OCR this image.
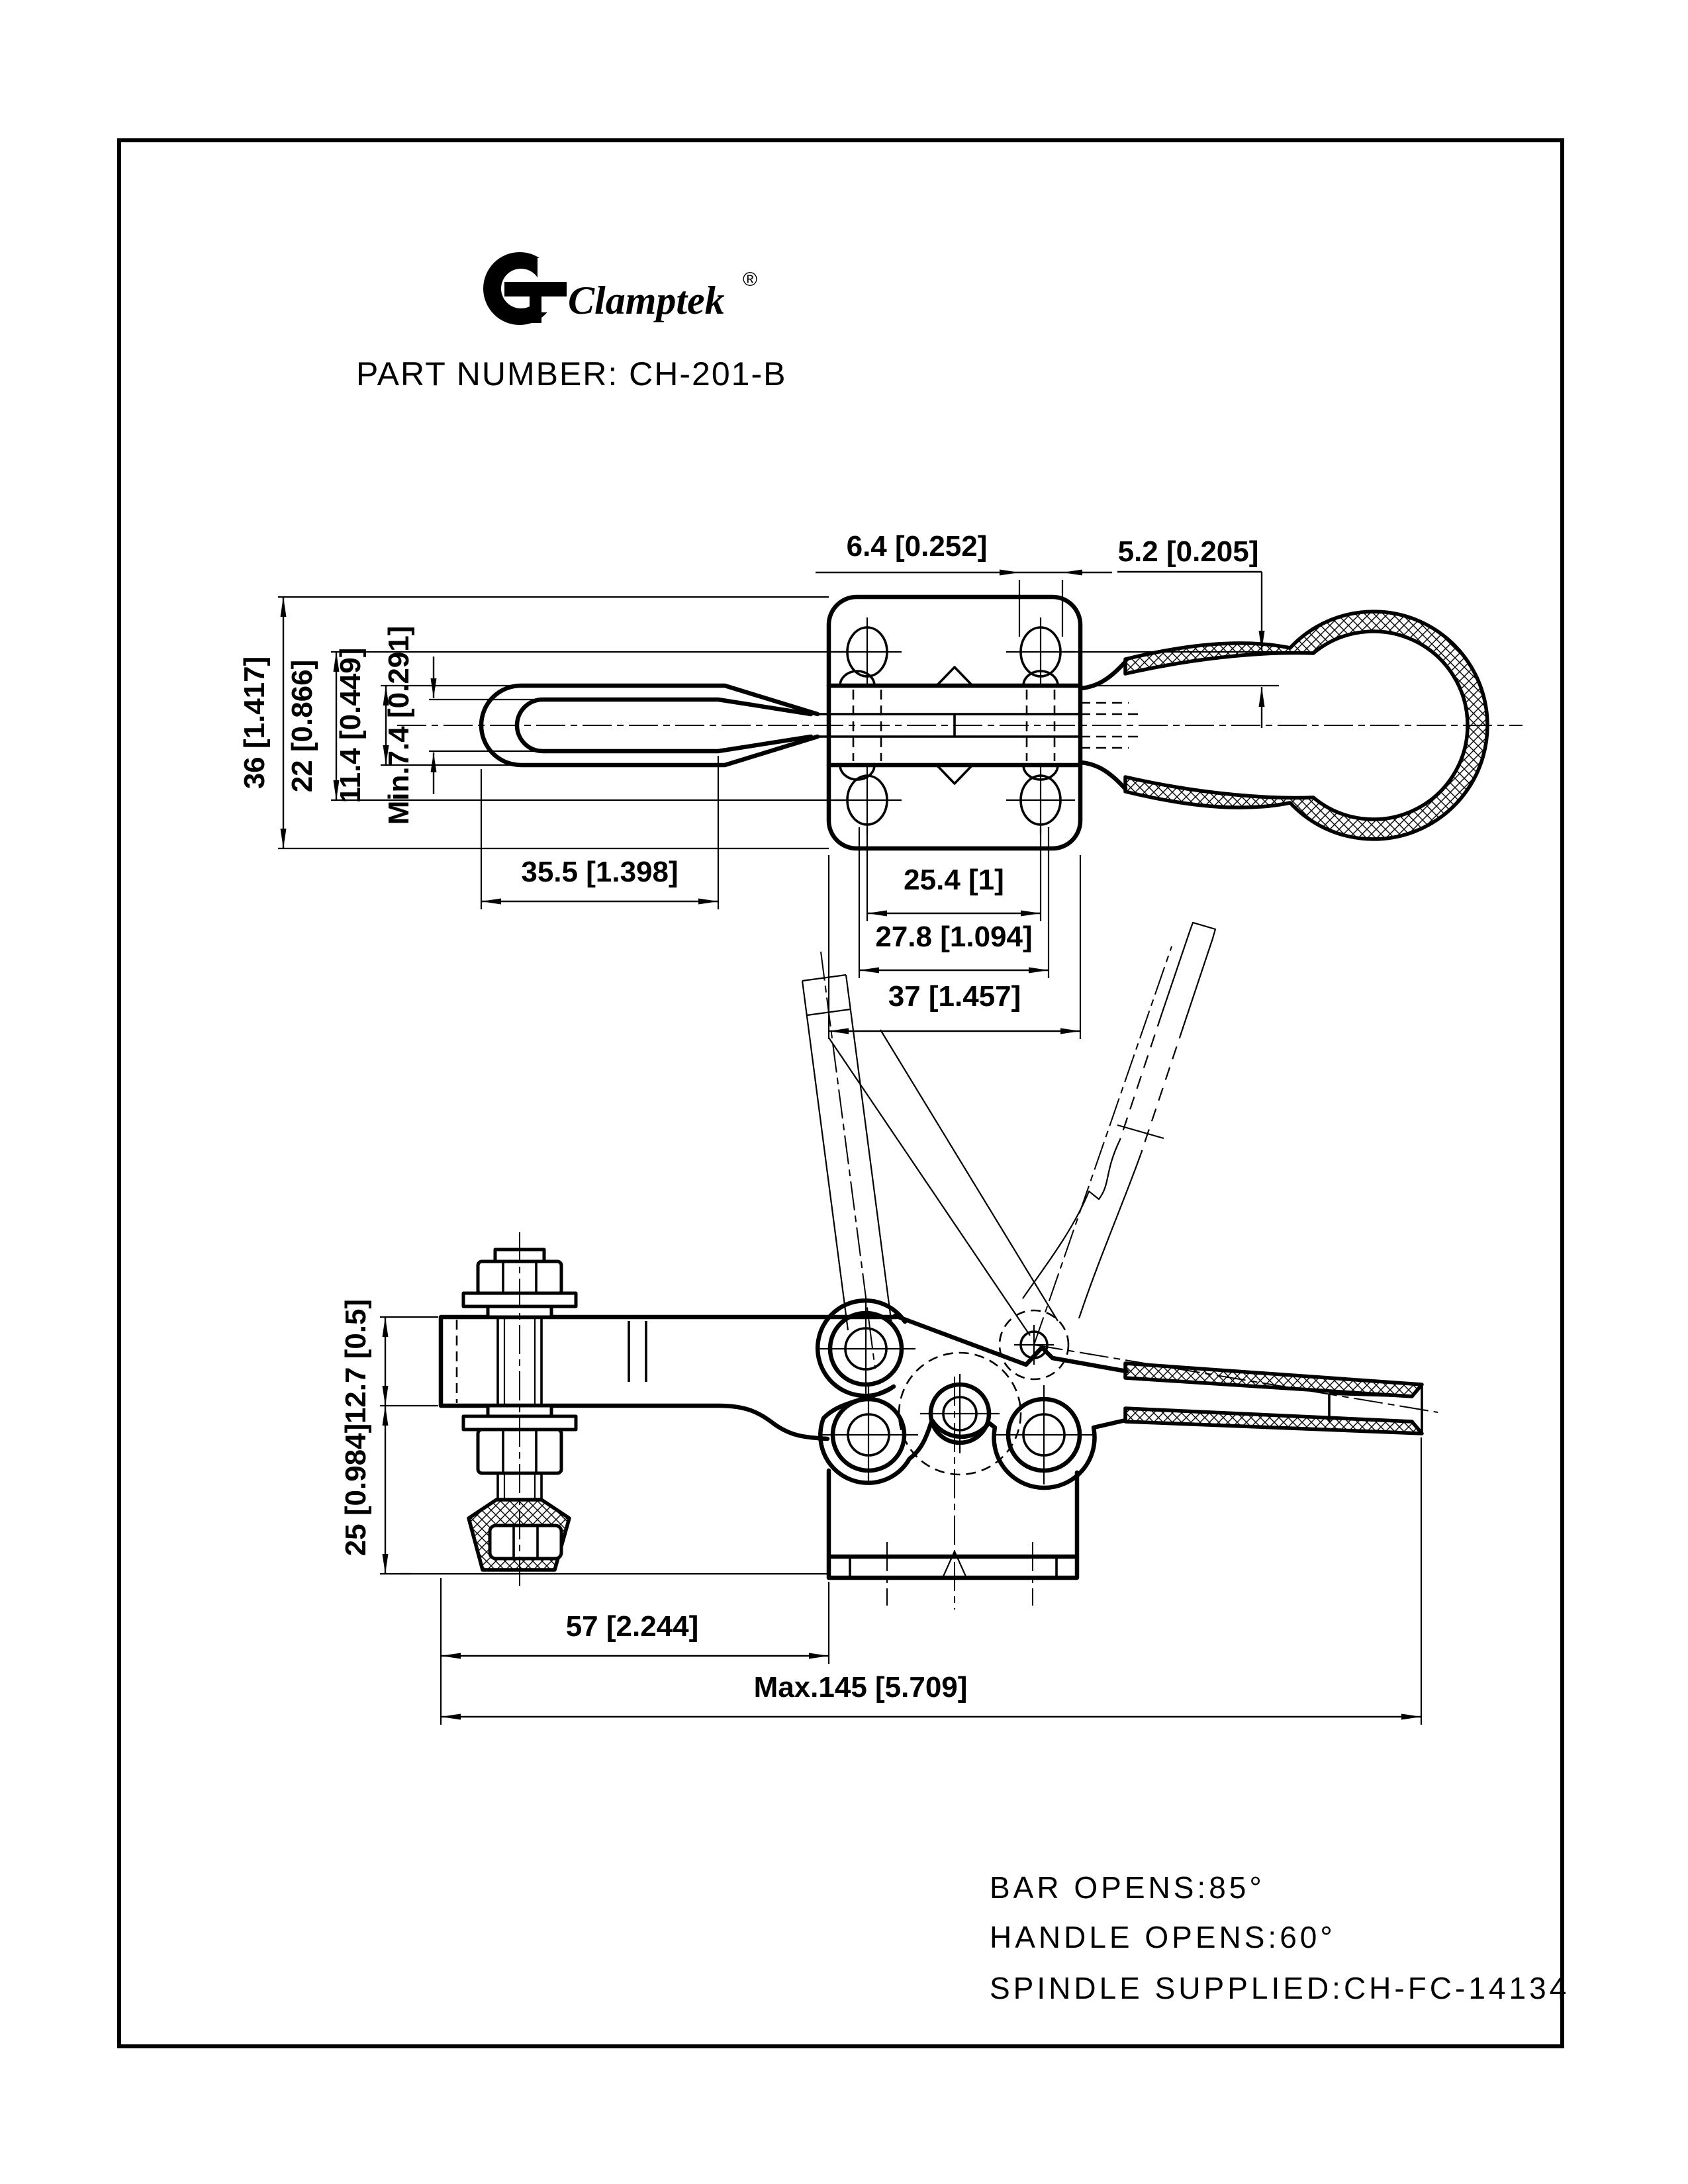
Clamptek ®
PART NUMBER: CH-201-B
6.4 [0.252]	5.2 [0.205]
36 [1.417] 22 [0.866] 11.4 [0.449] Min.7.4 [0.291]
35.5 [1.398]	25.4 [1]
27.8 [1.094]
37 [1.457]
12.7 [0.5]
25 [0.984]
57 [2.244]
Max.145 [5.709]
BAR OPENS:85°
HANDLE OPENS:60°
SPINDLE SUPPLIED:CH-FC-14134
